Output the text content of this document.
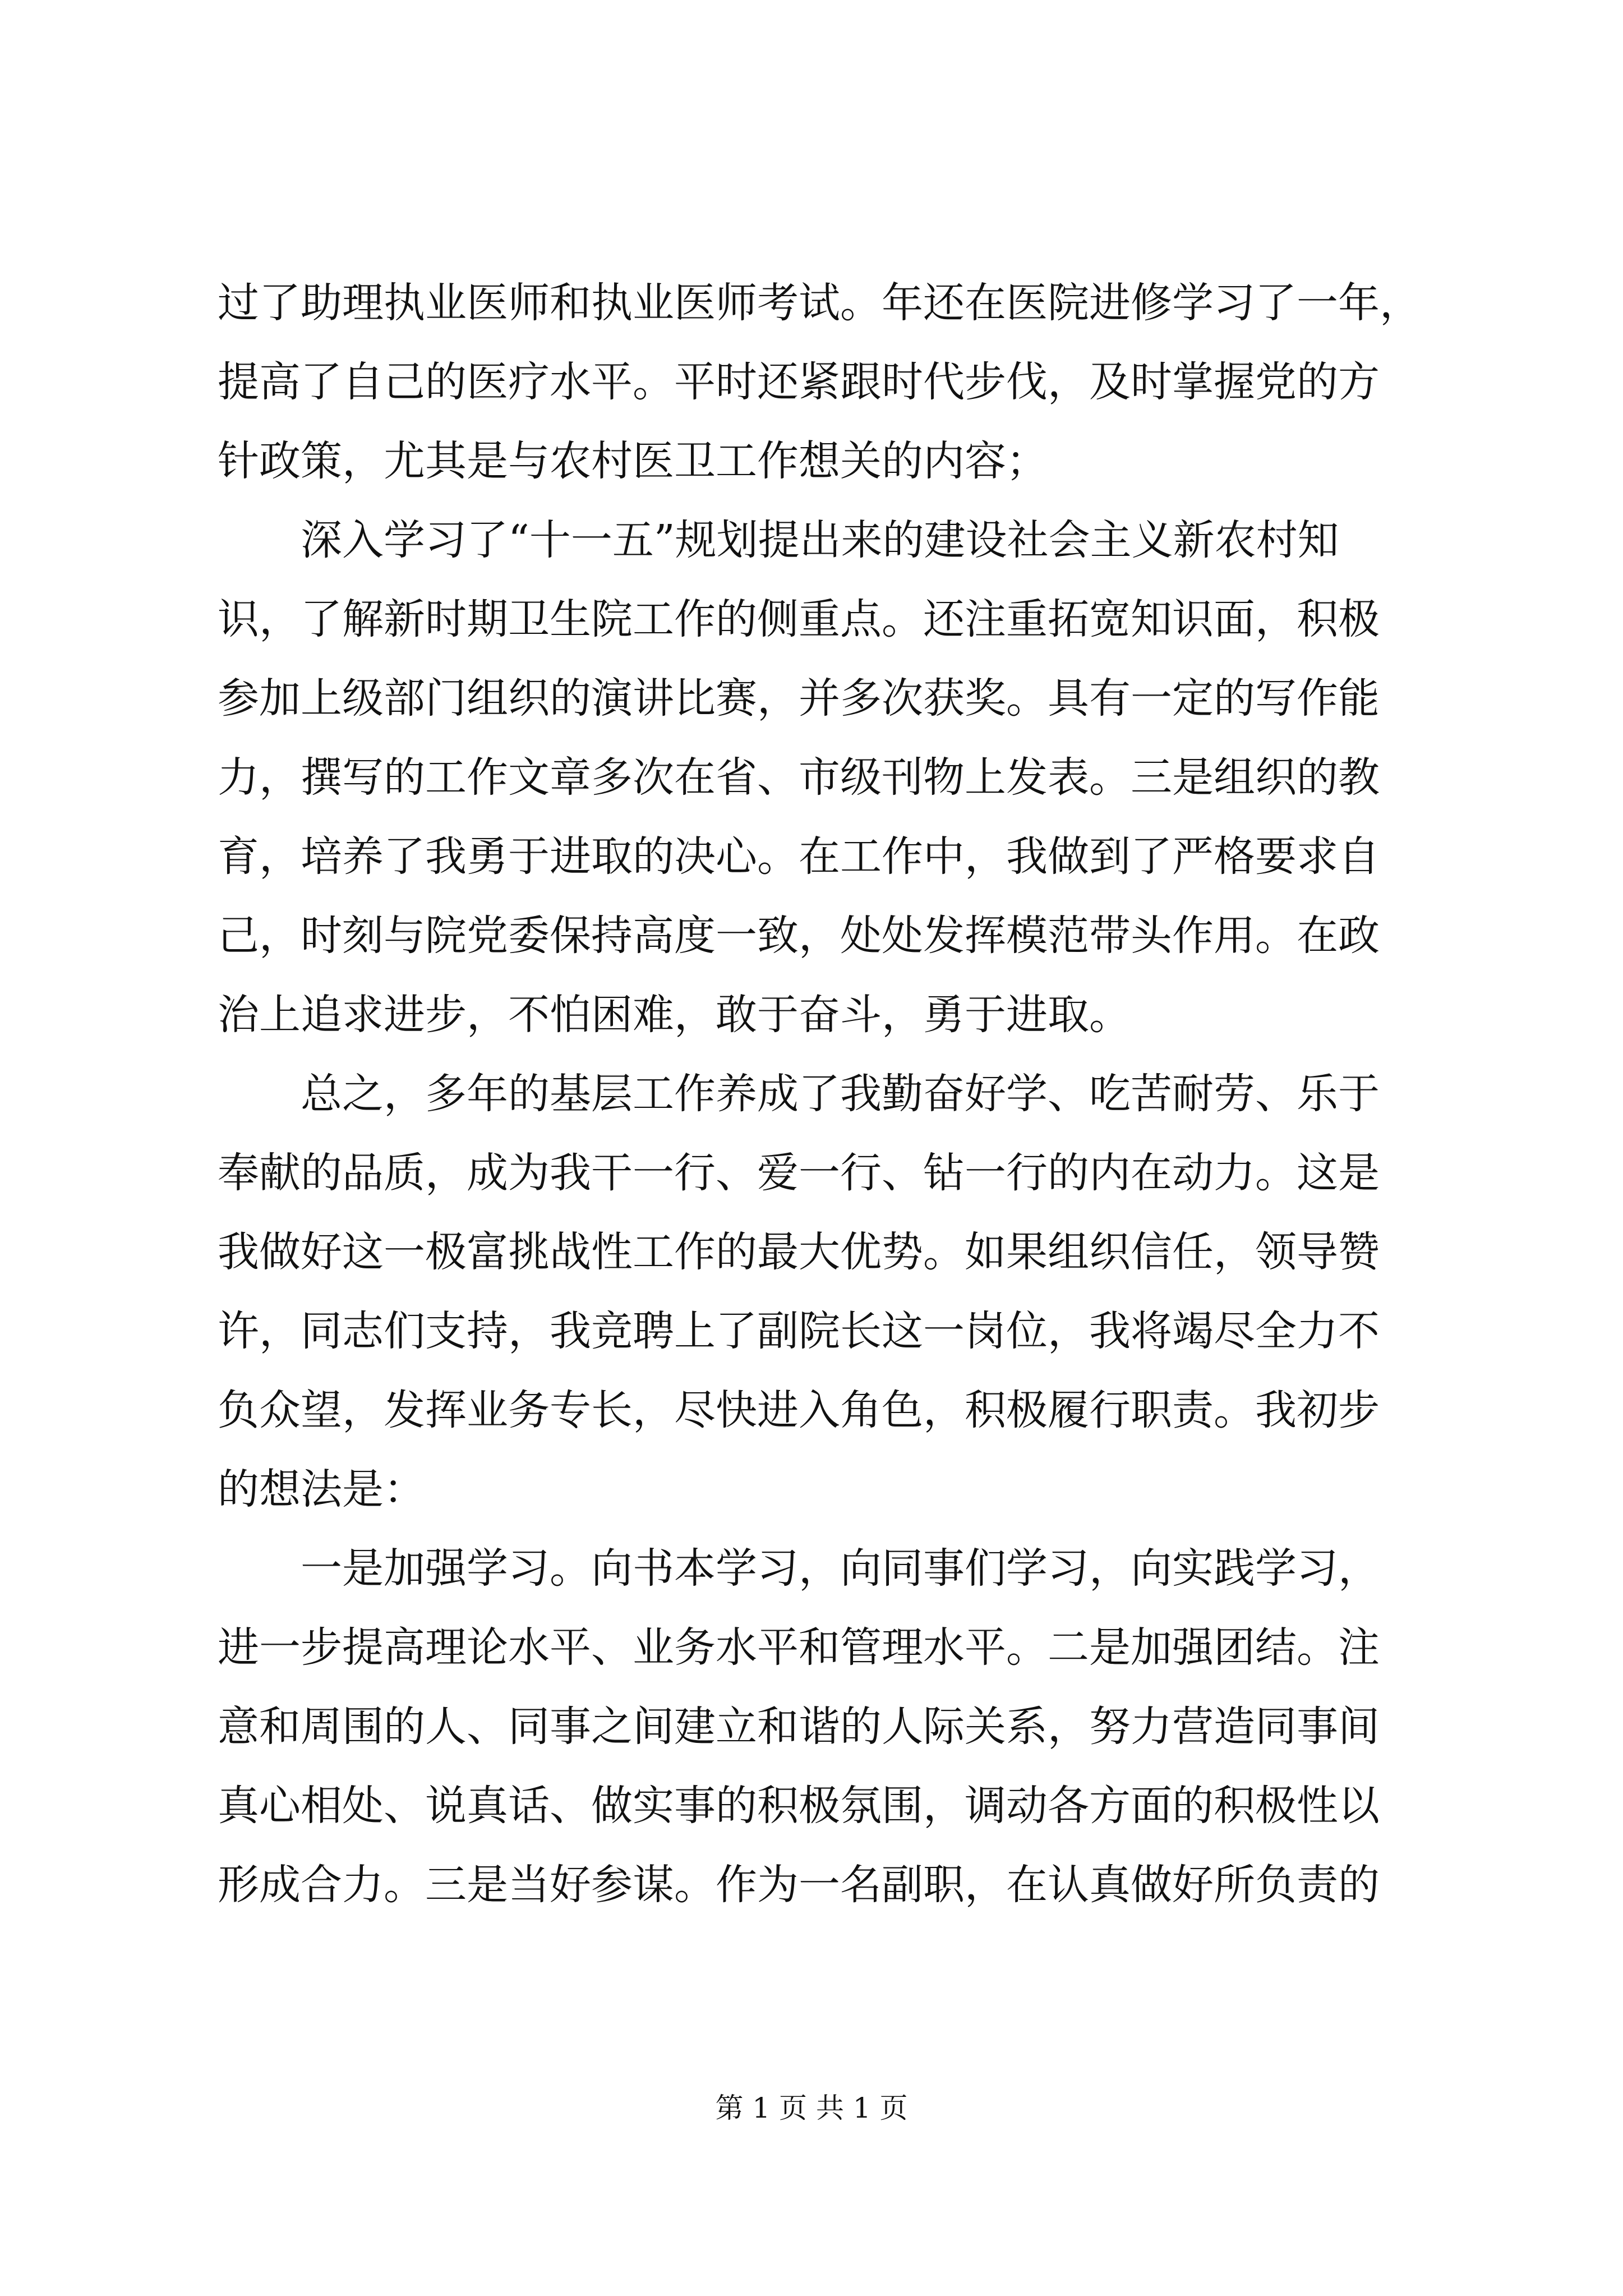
过了助理执业医师和执业医师考试。年还在医院进修学习了一年，
提高了自己的医疗水平。平时还紧跟时代步伐，及时掌握党的方
针政策，尤其是与农村医卫工作想关的内容；
　　深入学习了“十一五”规划提出来的建设社会主义新农村知
识，了解新时期卫生院工作的侧重点。还注重拓宽知识面，积极
参加上级部门组织的演讲比赛，并多次获奖。具有一定的写作能
力，撰写的工作文章多次在省、市级刊物上发表。三是组织的教
育，培养了我勇于进取的决心。在工作中，我做到了严格要求自
己，时刻与院党委保持高度一致，处处发挥模范带头作用。在政
治上追求进步，不怕困难，敢于奋斗，勇于进取。
　　总之，多年的基层工作养成了我勤奋好学、吃苦耐劳、乐于
奉献的品质，成为我干一行、爱一行、钻一行的内在动力。这是
我做好这一极富挑战性工作的最大优势。如果组织信任，领导赞
许，同志们支持，我竞聘上了副院长这一岗位，我将竭尽全力不
负众望，发挥业务专长，尽快进入角色，积极履行职责。我初步
的想法是：
　　一是加强学习。向书本学习，向同事们学习，向实践学习，
进一步提高理论水平、业务水平和管理水平。二是加强团结。注
意和周围的人、同事之间建立和谐的人际关系，努力营造同事间
真心相处、说真话、做实事的积极氛围，调动各方面的积极性以
形成合力。三是当好参谋。作为一名副职，在认真做好所负责的
第 1 页 共 1 页
